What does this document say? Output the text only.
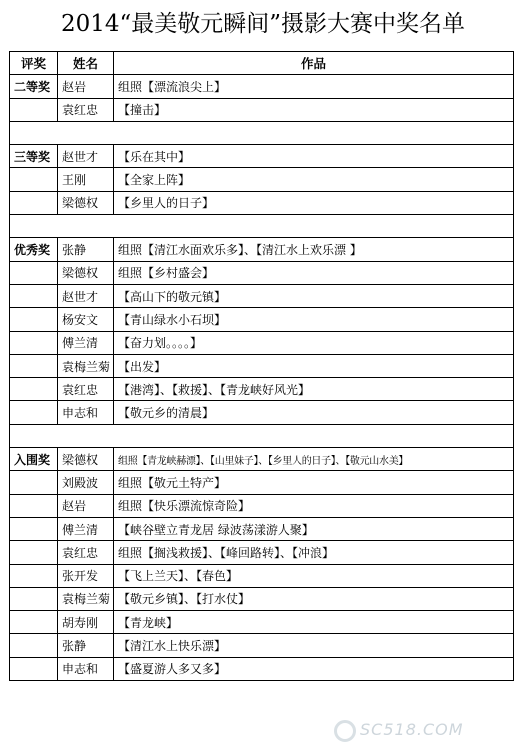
2014“最美敬元瞬间”摄影大赛中奖名单
评奖	姓名	作品
二等奖	赵岩	组照【漂流浪尖上】
	袁红忠	【撞击】

三等奖	赵世才	【乐在其中】
	王刚	【全家上阵】
	梁德权	【乡里人的日子】

优秀奖	张静	组照【清江水面欢乐多】、【清江水上欢乐漂 】
	梁德权	组照【乡村盛会】
	赵世才	【高山下的敬元镇】
	杨安文	【青山绿水小石坝】
	傅兰清	【奋力划。。。。】
	袁梅兰菊	【出发】
	袁红忠	【港湾】、【救援】、【青龙峡好风光】
	申志和	【敬元乡的清晨】

入围奖	梁德权	组照【青龙峡赫漂】、【山里妹子】、【乡里人的日子】、【敬元山水美】
	刘殿波	组照【敬元土特产】
	赵岩	组照【快乐漂流惊奇险】
	傅兰清	【峡谷壁立青龙居 绿波荡漾游人聚】
	袁红忠	组照【搁浅救援】、【峰回路转】、【冲浪】
	张开发	【飞上兰天】、【春色】
	袁梅兰菊	【敬元乡镇】、【打水仗】
	胡寿刚	【青龙峡】
	张静	【清江水上快乐漂】
	申志和	【盛夏游人多又多】
SC518.COM
